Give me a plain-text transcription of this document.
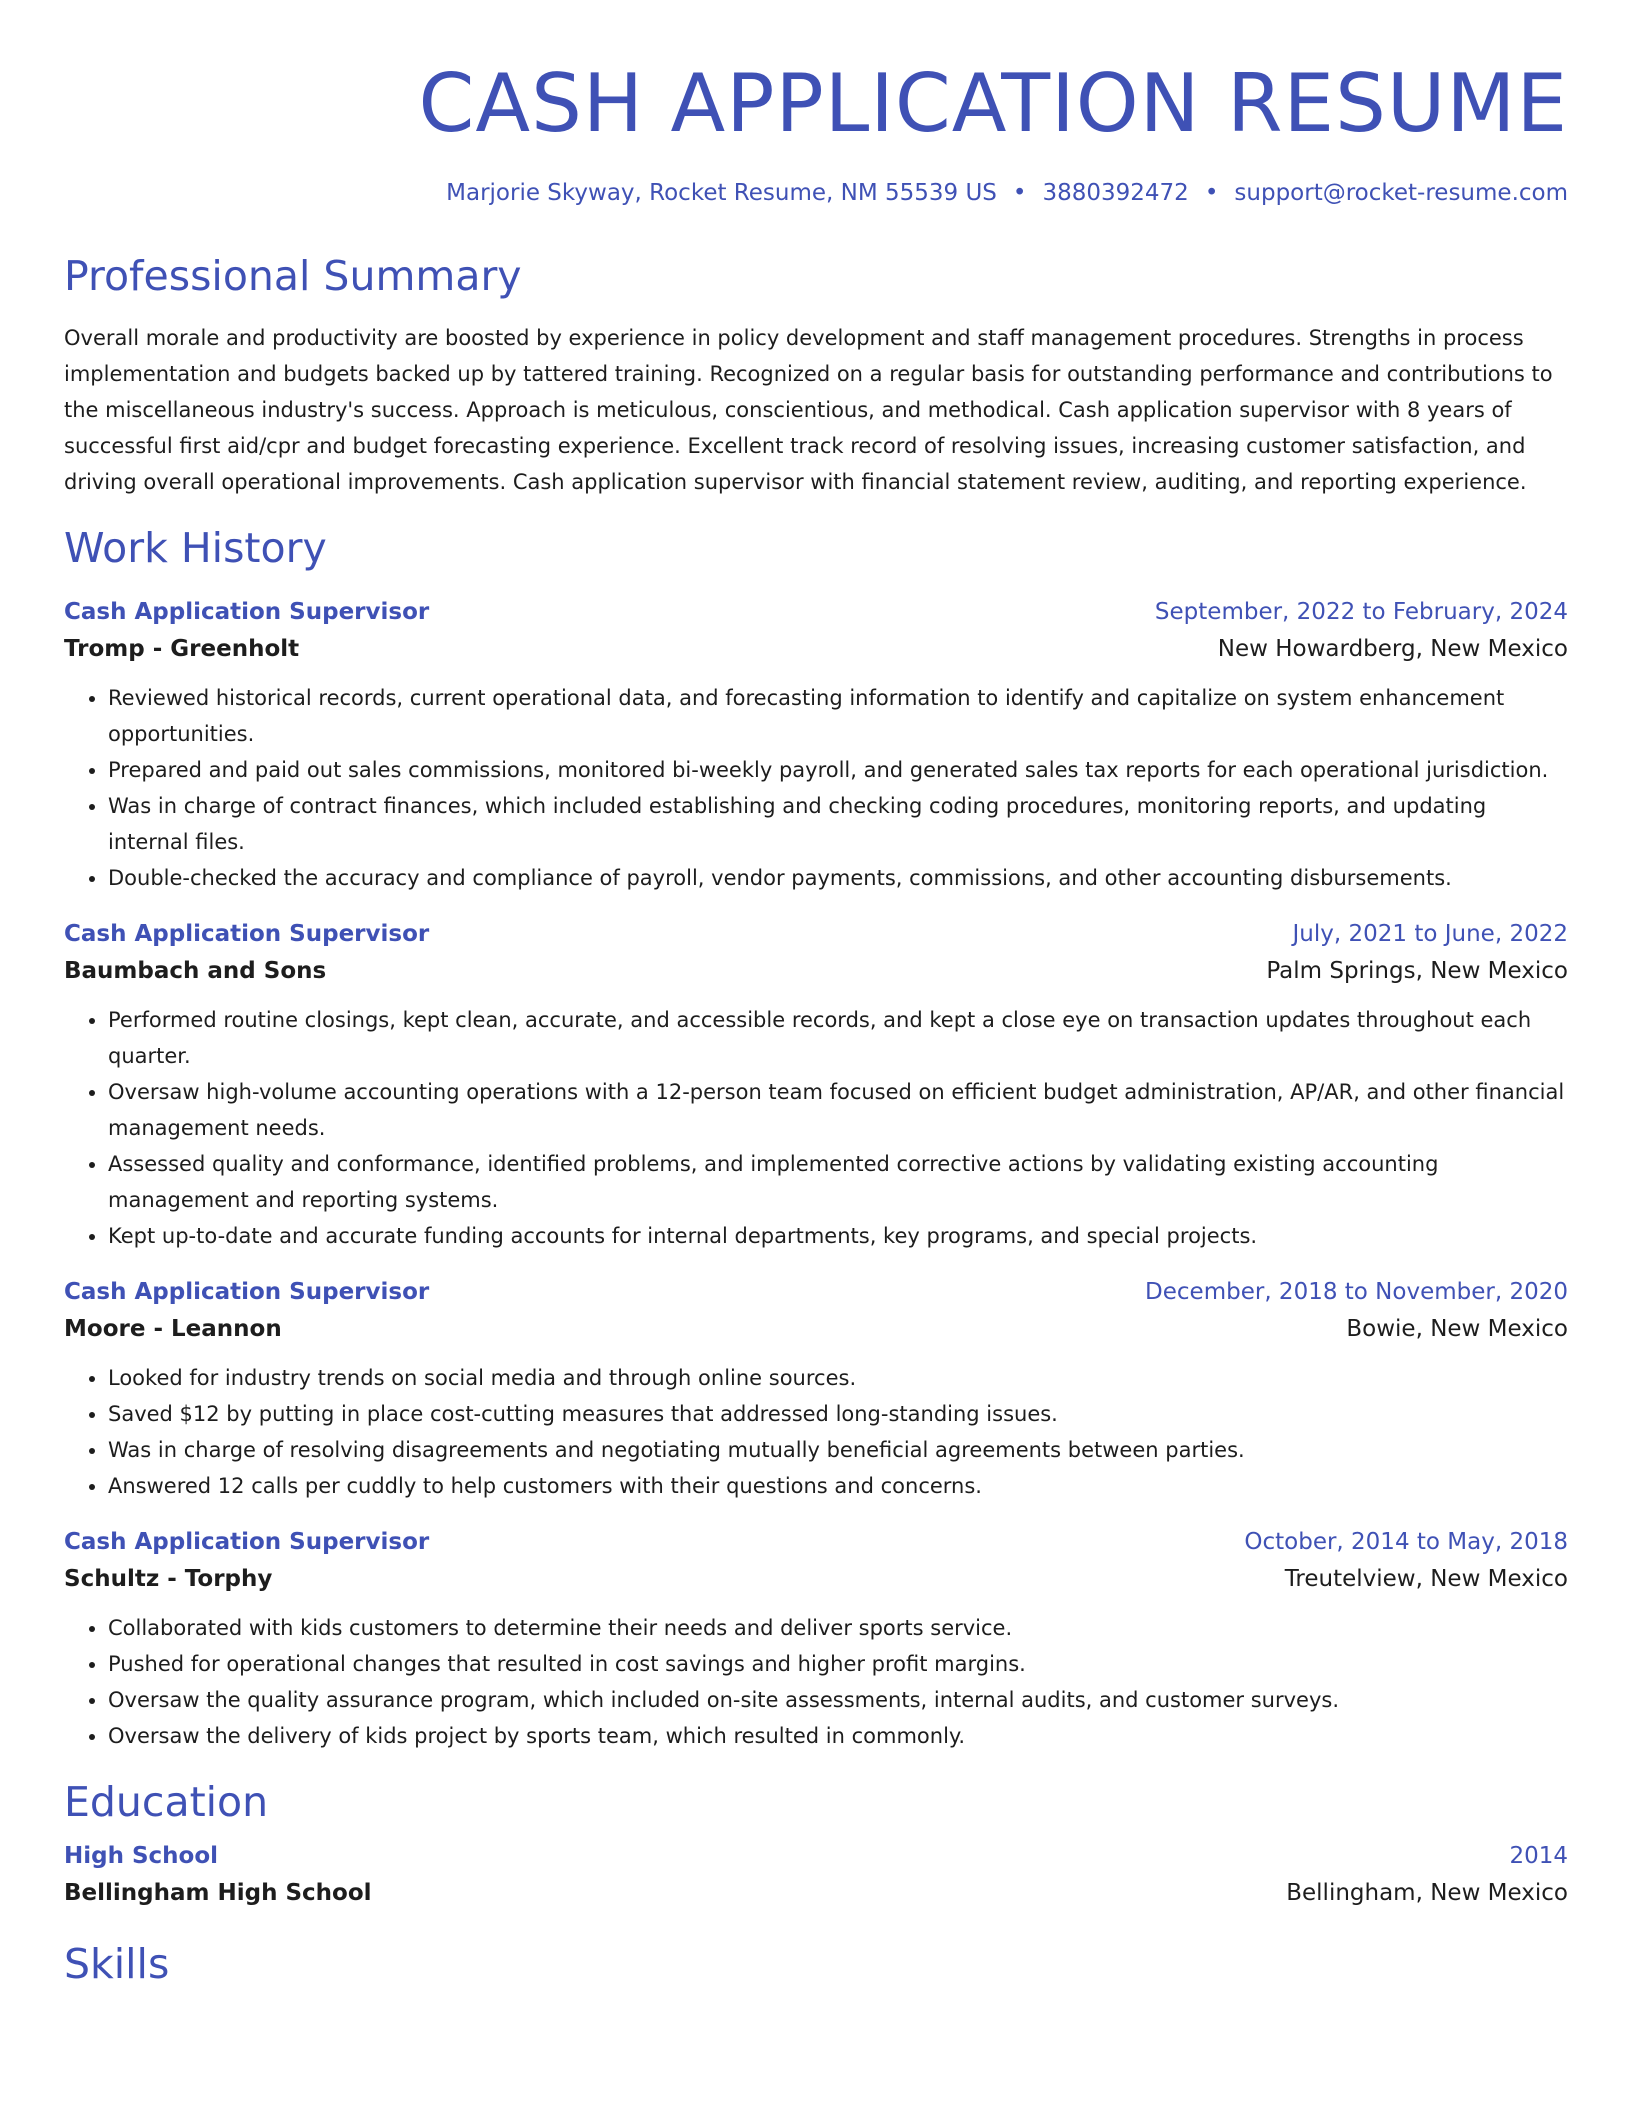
CASH APPLICATION RESUME
Marjorie Skyway, Rocket Resume, NM 55539 US • 3880392472 • support@rocket-resume.com
Professional Summary
Overall morale and productivity are boosted by experience in policy development and staff management procedures. Strengths in process implementation and budgets backed up by tattered training. Recognized on a regular basis for outstanding performance and contributions to the miscellaneous industry's success. Approach is meticulous, conscientious, and methodical. Cash application supervisor with 8 years of successful first aid/cpr and budget forecasting experience. Excellent track record of resolving issues, increasing customer satisfaction, and driving overall operational improvements. Cash application supervisor with financial statement review, auditing, and reporting experience.
Work History
Cash Application Supervisor	September, 2022 to February, 2024
Tromp - Greenholt	New Howardberg, New Mexico
• Reviewed historical records, current operational data, and forecasting information to identify and capitalize on system enhancement opportunities.
• Prepared and paid out sales commissions, monitored bi-weekly payroll, and generated sales tax reports for each operational jurisdiction.
• Was in charge of contract finances, which included establishing and checking coding procedures, monitoring reports, and updating internal files.
• Double-checked the accuracy and compliance of payroll, vendor payments, commissions, and other accounting disbursements.
Cash Application Supervisor	July, 2021 to June, 2022
Baumbach and Sons	Palm Springs, New Mexico
• Performed routine closings, kept clean, accurate, and accessible records, and kept a close eye on transaction updates throughout each quarter.
• Oversaw high-volume accounting operations with a 12-person team focused on efficient budget administration, AP/AR, and other financial management needs.
• Assessed quality and conformance, identified problems, and implemented corrective actions by validating existing accounting management and reporting systems.
• Kept up-to-date and accurate funding accounts for internal departments, key programs, and special projects.
Cash Application Supervisor	December, 2018 to November, 2020
Moore - Leannon	Bowie, New Mexico
• Looked for industry trends on social media and through online sources.
• Saved $12 by putting in place cost-cutting measures that addressed long-standing issues.
• Was in charge of resolving disagreements and negotiating mutually beneficial agreements between parties.
• Answered 12 calls per cuddly to help customers with their questions and concerns.
Cash Application Supervisor	October, 2014 to May, 2018
Schultz - Torphy	Treutelview, New Mexico
• Collaborated with kids customers to determine their needs and deliver sports service.
• Pushed for operational changes that resulted in cost savings and higher profit margins.
• Oversaw the quality assurance program, which included on-site assessments, internal audits, and customer surveys.
• Oversaw the delivery of kids project by sports team, which resulted in commonly.
Education
High School	2014
Bellingham High School	Bellingham, New Mexico
Skills
